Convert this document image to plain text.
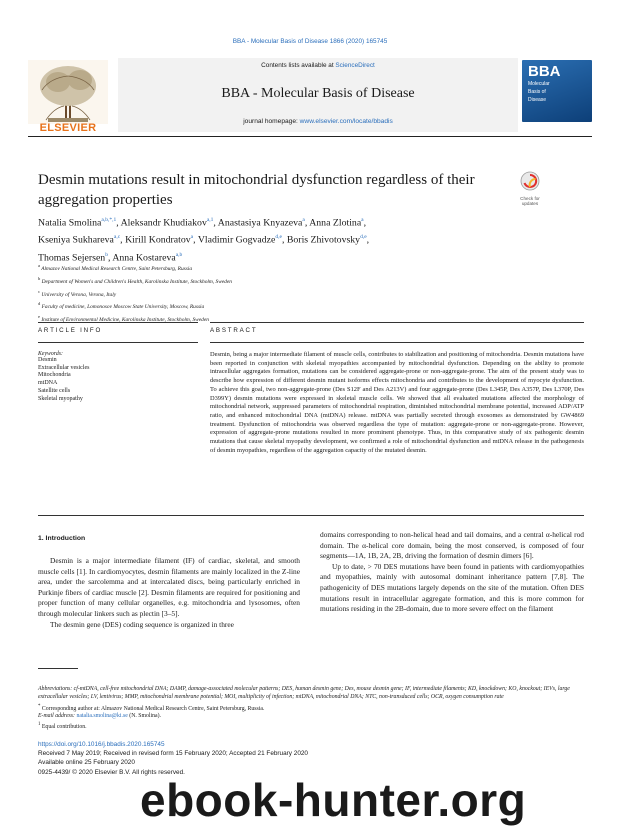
BBA - Molecular Basis of Disease 1866 (2020) 165745
ELSEVIER
Contents lists available at ScienceDirect
BBA - Molecular Basis of Disease
journal homepage: www.elsevier.com/locate/bbadis
BBA
Molecular
Basis of
Disease
Desmin mutations result in mitochondrial dysfunction regardless of their
aggregation properties	Check for
updates
Natalia Smolina$^{a,b,*,1}$, Aleksandr Khudiakov$^{a,1}$, Anastasiya Knyazeva$^a$, Anna Zlotina$^a$,
Kseniya Sukhareva$^{a,c}$, Kirill Kondratov$^a$, Vladimir Gogvadze$^{d,e}$, Boris Zhivotovsky$^{d,e}$,
Thomas Sejersen$^b$, Anna Kostareva$^{a,b}$
$^a$ Almazov National Medical Research Centre, Saint Petersburg, Russia
$^b$ Department of Women's and Children's Health, Karolinska Institute, Stockholm, Sweden
$^c$ University of Verona, Verona, Italy
$^d$ Faculty of medicine, Lomonosov Moscow State University, Moscow, Russia
$^e$ Institute of Environmental Medicine, Karolinska Institute, Stockholm, Sweden
ARTICLE INFO	ABSTRACT
Keywords:
Desmin
Extracellular vesicles
Mitochondria
mtDNA
Satellite cells
Skeletal myopathy
Desmin, being a major intermediate filament of muscle cells, contributes to stabilization and positioning of mitochondria. Desmin mutations have been reported in conjunction with skeletal myopathies accompanied by mitochondrial dysfunction. Depending on the ability to promote intracellular aggregates formation, mutations can be considered aggregate-prone or non-aggregate-prone. The aim of the present study was to describe how expression of different desmin mutant isoforms effects mitochondria and contributes to the development of myocyte dysfunction. To achieve this goal, two non-aggregate-prone (Des S12F and Des A213V) and four aggregate-prone (Des L345P, Des A357P, Des L370P, Des D399Y) desmin mutations were expressed in skeletal muscle cells. We showed that all evaluated mutations affected the morphology of mitochondrial network, suppressed parameters of mitochondrial respiration, diminished mitochondrial membrane potential, increased ADP/ATP ratio, and enhanced mitochondrial DNA (mtDNA) release. mtDNA was partially secreted through exosomes as demonstrated by GW4869 treatment. Dysfunction of mitochondria was observed regardless the type of mutation: aggregate-prone or non-aggregate-prone. However, expression of aggregate-prone mutations resulted in more prominent phenotype. Thus, in this comparative study of six pathogenic desmin mutations that cause skeletal myopathy development, we confirmed a role of mitochondrial dysfunction and mtDNA release in the pathogenesis of desmin myopathies, regardless of the aggregation capacity of the mutated desmin.
1. Introduction

Desmin is a major intermediate filament (IF) of cardiac, skeletal, and smooth muscle cells [1]. In cardiomyocytes, desmin filaments are mainly localized in the Z-line area, under the sarcolemma and at intercalated discs, being particularly enriched in Purkinje fibers of cardiac muscle [2]. Desmin filaments are required for positioning and proper function of many cellular organelles, e.g. mitochondria and lysosomes, often through molecular linkers such as plectin [3–5].

The desmin gene (DES) coding sequence is organized in three

domains corresponding to non-helical head and tail domains, and a central α-helical rod domain. The α-helical core domain, being the most conserved, is composed of four segments—1A, 1B, 2A, 2B, driving the formation of desmin dimers [6].

Up to date, > 70 DES mutations have been found in patients with cardiomyopathies and myopathies, mainly with autosomal dominant inheritance pattern [7,8]. The pathogenicity of DES mutations largely depends on the site of the mutation. Often DES mutations result in intracellular aggregate formation, and this is more common for mutations residing in the 2B-domain, due to more severe effect on the filament

Abbreviations: cf-mtDNA, cell-free mitochondrial DNA; DAMP, damage-associated molecular patterns; DES, human desmin gene; Des, mouse desmin gene; IF, intermediate filaments; KD, knockdown; KO, knockout; IEVs, large extracellular vesicles; LV, lentivirus; MMP, mitochondrial membrane potential; MOI, multiplicity of infection; mtDNA, mitochondrial DNA; NTC, non-transduced cells; OCR, oxygen consumption rate

* Corresponding author at: Almazov National Medical Research Centre, Saint Petersburg, Russia.

E-mail address: natalia.smolina@ki.se (N. Smolina).

$^1$ Equal contribution.

https://doi.org/10.1016/j.bbadis.2020.165745

Received 7 May 2019; Received in revised form 15 February 2020; Accepted 21 February 2020

Available online 25 February 2020

0925-4439/ © 2020 Elsevier B.V. All rights reserved.

ebook-hunter.org
